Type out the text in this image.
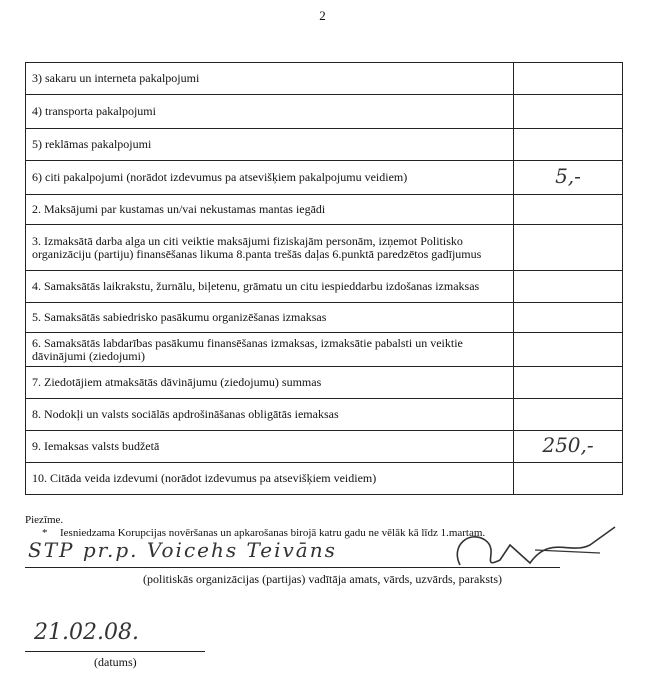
2
3) sakaru un interneta pakalpojumi	
4) transporta pakalpojumi	
5) reklāmas pakalpojumi	
6) citi pakalpojumi (norādot izdevumus pa atsevišķiem pakalpojumu veidiem)	5,-
2. Maksājumi par kustamas un/vai nekustamas mantas iegādi	
3. Izmaksātā darba alga un citi veiktie maksājumi fiziskajām personām, izņemot Politisko organizāciju (partiju) finansēšanas likuma 8.panta trešās daļas 6.punktā paredzētos gadījumus	
4. Samaksātās laikrakstu, žurnālu, biļetenu, grāmatu un citu iespieddarbu izdošanas izmaksas	
5. Samaksātās sabiedrisko pasākumu organizēšanas izmaksas	
6. Samaksātās labdarības pasākumu finansēšanas izmaksas, izmaksātie pabalsti un veiktie dāvinājumi (ziedojumi)	
7. Ziedotājiem atmaksātās dāvinājumu (ziedojumu) summas	
8. Nodokļi un valsts sociālās apdrošināšanas obligātās iemaksas	
9. Iemaksas valsts budžetā	250,-
10. Citāda veida izdevumi (norādot izdevumus pa atsevišķiem veidiem)	
Piezīme.
* Iesniedzama Korupcijas novēršanas un apkarošanas birojā katru gadu ne vēlāk kā līdz 1.martam.
STP pr.p. Voicehs Teivāns
(politiskās organizācijas (partijas) vadītāja amats, vārds, uzvārds, paraksts)
21.02.08.
(datums)
